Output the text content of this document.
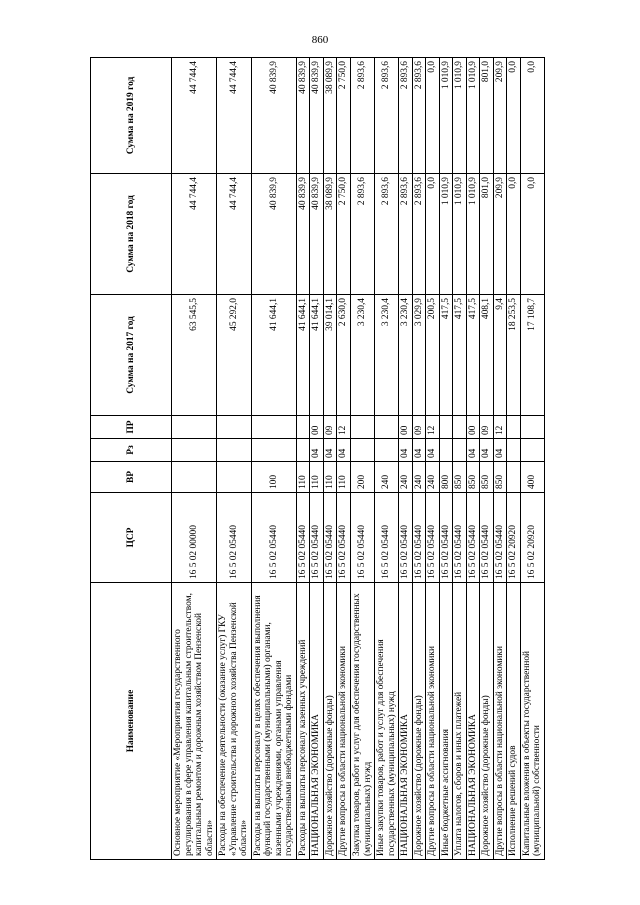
860
Наименование	ЦСР	ВР	Рз	ПР	Сумма на 2017 год	Сумма на 2018 год	Сумма на 2019 год
Основное мероприятие «Мероприятия государственного регулирования в сфере управления капитальным строительством, капитальным ремонтом и дорожным хозяйством Пензенской области»	16 5 02 00000				63 545,5	44 744,4	44 744,4
Расходы на обеспечение деятельности (оказание услуг) ГКУ «Управление строительства и дорожного хозяйства Пензенской области»	16 5 02 05440				45 292,0	44 744,4	44 744,4
Расходы на выплаты персоналу в целях обеспечения выполнения функций государственными (муниципальными) органами, казенными учреждениями, органами управления государственными внебюджетными фондами	16 5 02 05440	100			41 644,1	40 839,9	40 839,9
Расходы на выплаты персоналу казенных учреждений	16 5 02 05440	110			41 644,1	40 839,9	40 839,9
НАЦИОНАЛЬНАЯ ЭКОНОМИКА	16 5 02 05440	110	04	00	41 644,1	40 839,9	40 839,9
Дорожное хозяйство (дорожные фонды)	16 5 02 05440	110	04	09	39 014,1	38 089,9	38 089,9
Другие вопросы в области национальной экономики	16 5 02 05440	110	04	12	2 630,0	2 750,0	2 750,0
Закупка товаров, работ и услуг для обеспечения государственных (муниципальных) нужд	16 5 02 05440	200			3 230,4	2 893,6	2 893,6
Иные закупки товаров, работ и услуг для обеспечения государственных (муниципальных) нужд	16 5 02 05440	240			3 230,4	2 893,6	2 893,6
НАЦИОНАЛЬНАЯ ЭКОНОМИКА	16 5 02 05440	240	04	00	3 230,4	2 893,6	2 893,6
Дорожное хозяйство (дорожные фонды)	16 5 02 05440	240	04	09	3 029,9	2 893,6	2 893,6
Другие вопросы в области национальной экономики	16 5 02 05440	240	04	12	200,5	0,0	0,0
Иные бюджетные ассигнования	16 5 02 05440	800			417,5	1 010,9	1 010,9
Уплата налогов, сборов и иных платежей	16 5 02 05440	850			417,5	1 010,9	1 010,9
НАЦИОНАЛЬНАЯ ЭКОНОМИКА	16 5 02 05440	850	04	00	417,5	1 010,9	1 010,9
Дорожное хозяйство (дорожные фонды)	16 5 02 05440	850	04	09	408,1	801,0	801,0
Другие вопросы в области национальной экономики	16 5 02 05440	850	04	12	9,4	209,9	209,9
Исполнение решений судов	16 5 02 20920				18 253,5	0,0	0,0
Капитальные вложения в объекты государственной (муниципальной) собственности	16 5 02 20920	400			17 108,7	0,0	0,0
